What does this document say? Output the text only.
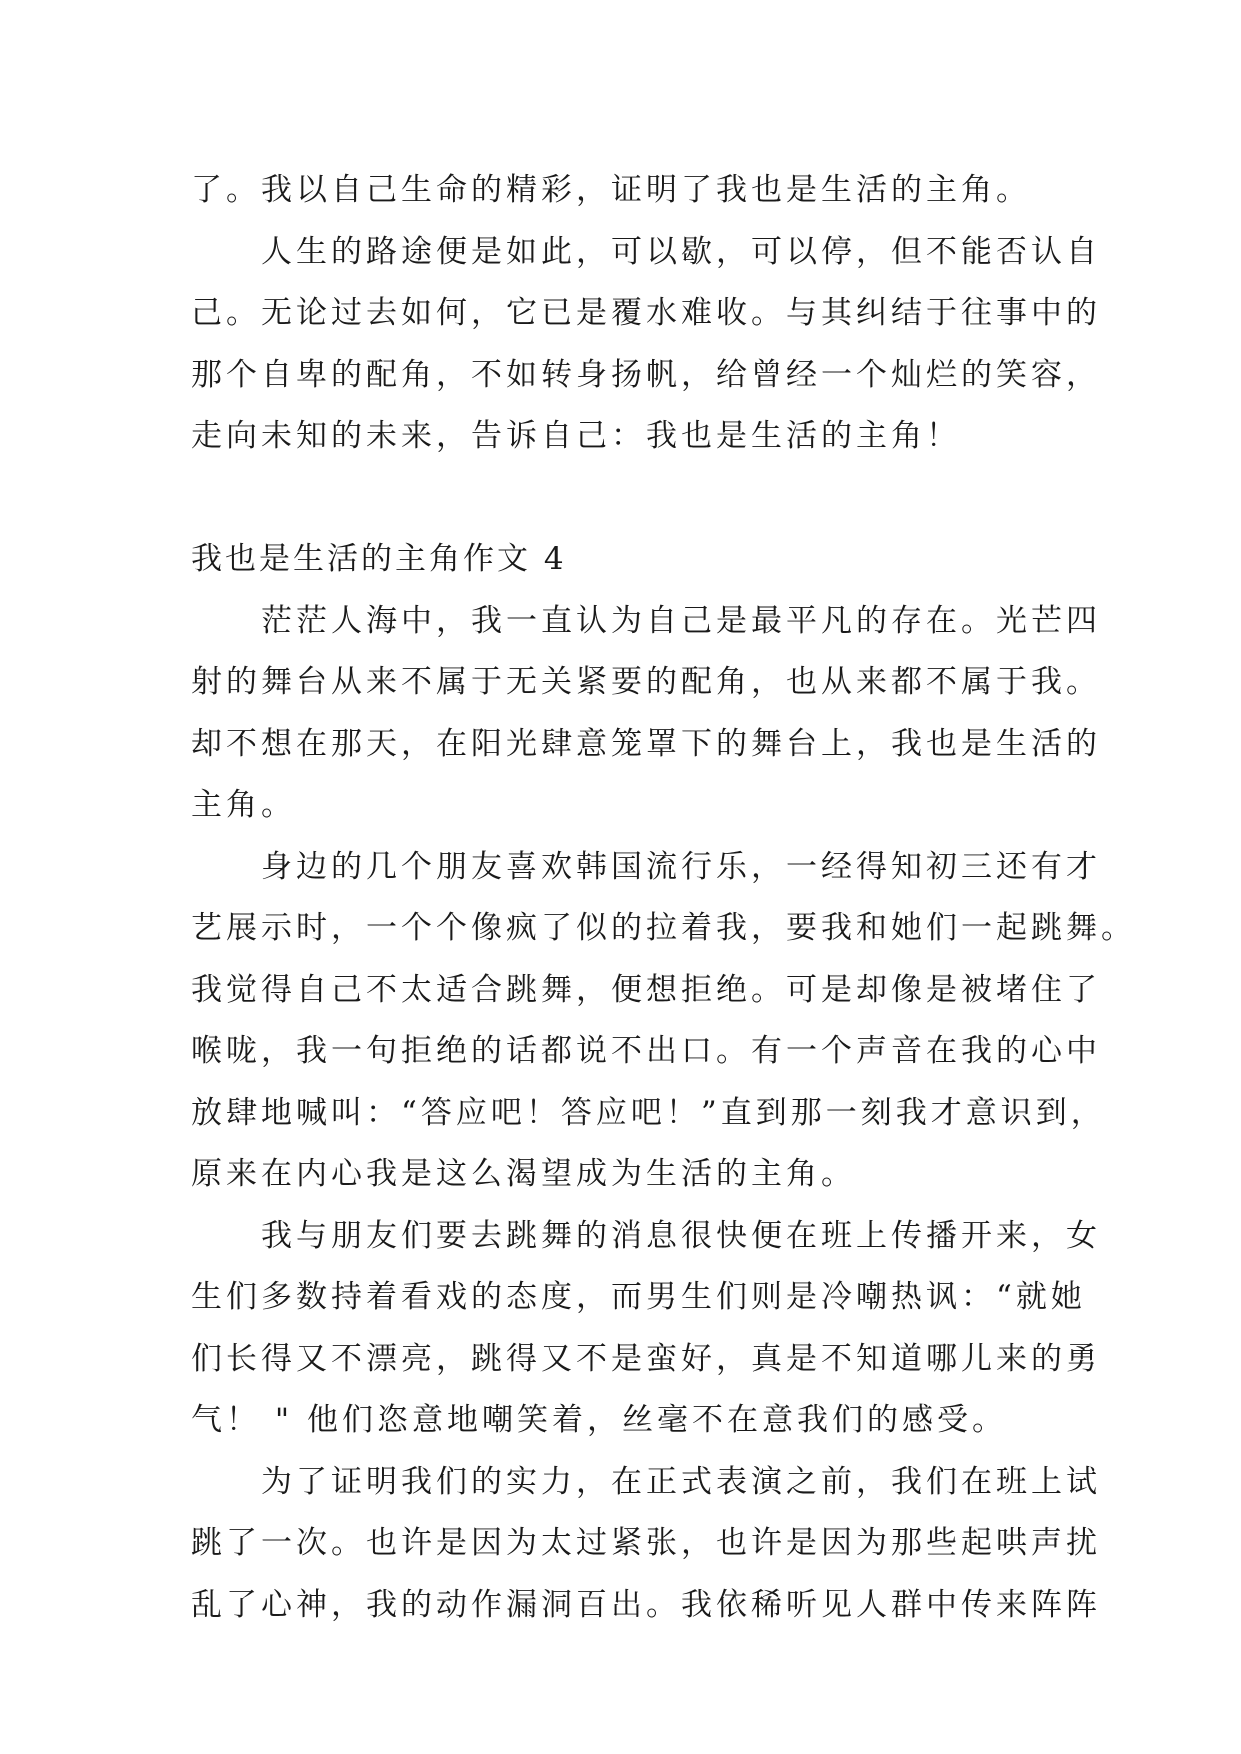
了。我以自己生命的精彩，证明了我也是生活的主角。
人生的路途便是如此，可以歇，可以停，但不能否认自
己。无论过去如何，它已是覆水难收。与其纠结于往事中的
那个自卑的配角，不如转身扬帆，给曾经一个灿烂的笑容，
走向未知的未来，告诉自己：我也是生活的主角！
我也是生活的主角作文 4
茫茫人海中，我一直认为自己是最平凡的存在。光芒四
射的舞台从来不属于无关紧要的配角，也从来都不属于我。
却不想在那天，在阳光肆意笼罩下的舞台上，我也是生活的
主角。
身边的几个朋友喜欢韩国流行乐，一经得知初三还有才
艺展示时，一个个像疯了似的拉着我，要我和她们一起跳舞。
我觉得自己不太适合跳舞，便想拒绝。可是却像是被堵住了
喉咙，我一句拒绝的话都说不出口。有一个声音在我的心中
放肆地喊叫：“答应吧！答应吧！”直到那一刻我才意识到，
原来在内心我是这么渴望成为生活的主角。
我与朋友们要去跳舞的消息很快便在班上传播开来，女
生们多数持着看戏的态度，而男生们则是冷嘲热讽：“就她
们长得又不漂亮，跳得又不是蛮好，真是不知道哪儿来的勇
气！ " 他们恣意地嘲笑着，丝毫不在意我们的感受。
为了证明我们的实力，在正式表演之前，我们在班上试
跳了一次。也许是因为太过紧张，也许是因为那些起哄声扰
乱了心神，我的动作漏洞百出。我依稀听见人群中传来阵阵
